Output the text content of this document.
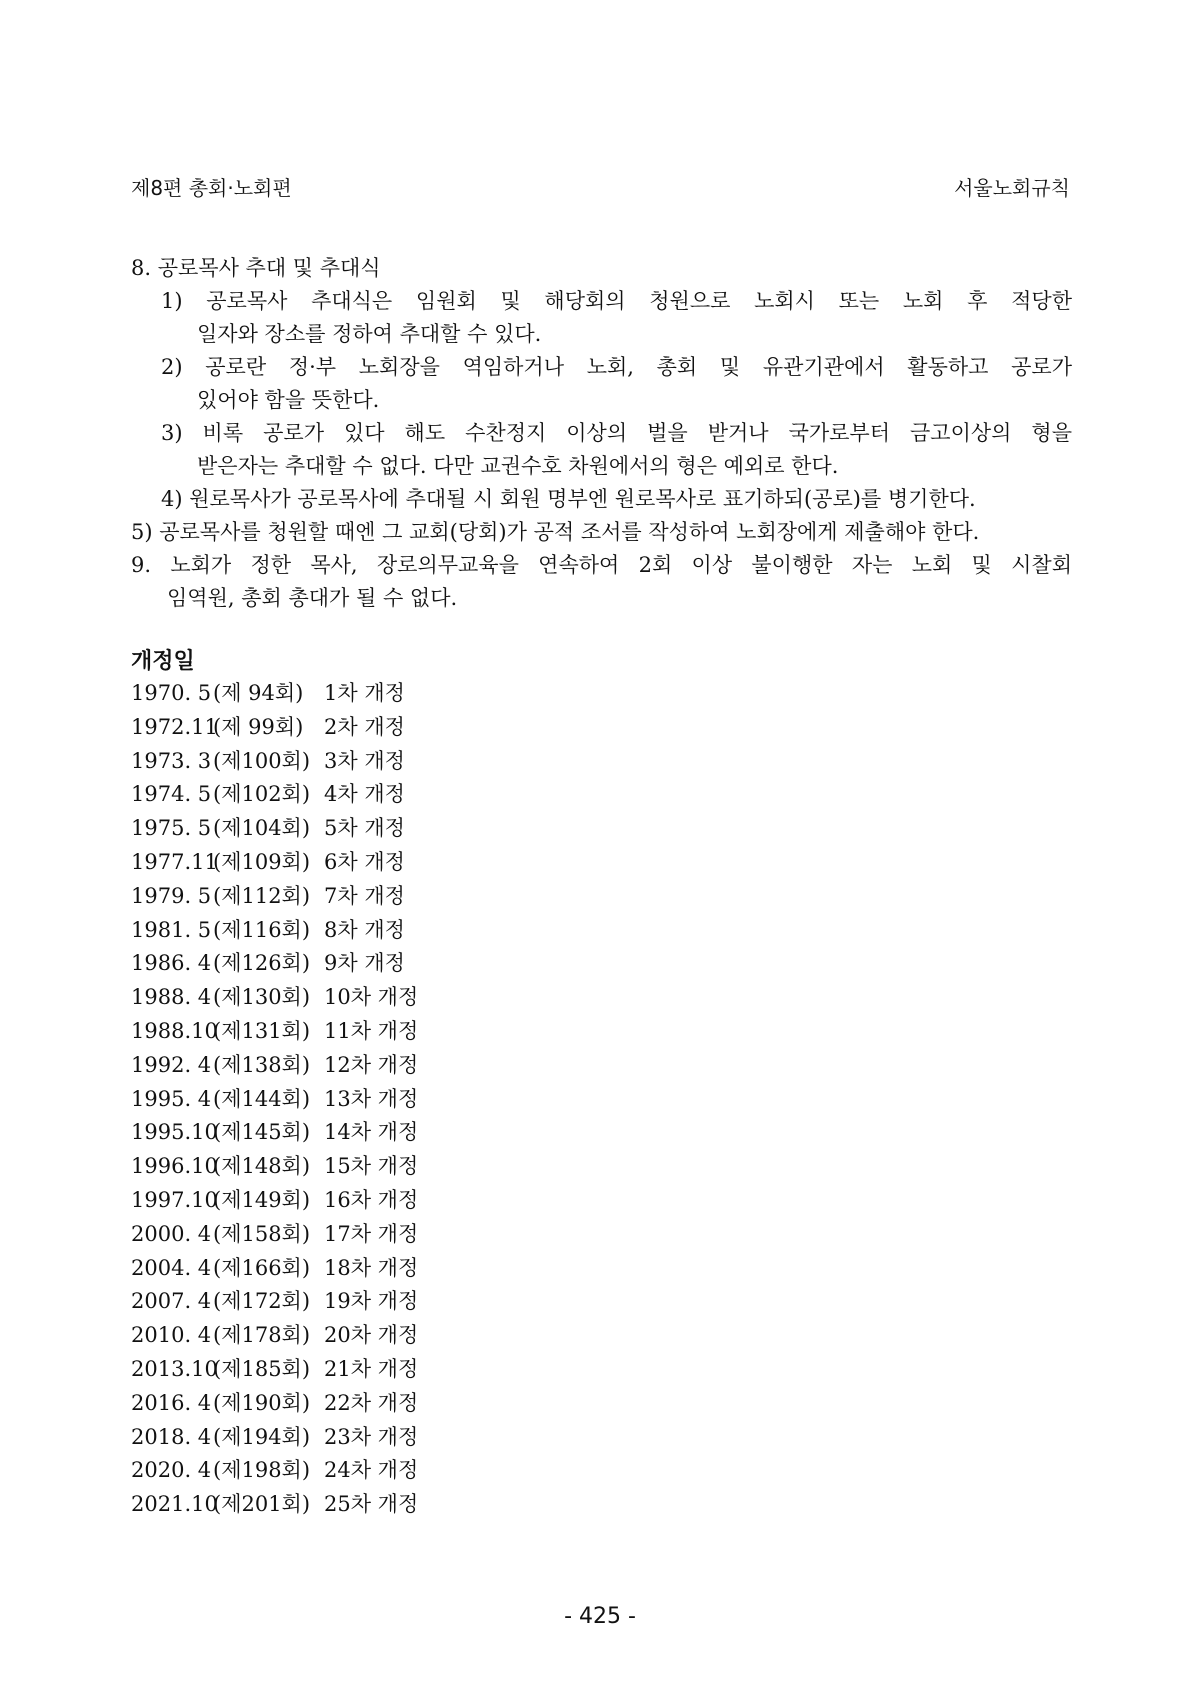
제8편 총회·노회편	서울노회규칙
8. 공로목사 추대 및 추대식
1) 공로목사 추대식은 임원회 및 해당회의 청원으로 노회시 또는 노회 후 적당한
일자와 장소를 정하여 추대할 수 있다.
2) 공로란 정·부 노회장을 역임하거나 노회, 총회 및 유관기관에서 활동하고 공로가
있어야 함을 뜻한다.
3) 비록 공로가 있다 해도 수찬정지 이상의 벌을 받거나 국가로부터 금고이상의 형을
받은자는 추대할 수 없다. 다만 교권수호 차원에서의 형은 예외로 한다.
4) 원로목사가 공로목사에 추대될 시 회원 명부엔 원로목사로 표기하되(공로)를 병기한다.
5) 공로목사를 청원할 때엔 그 교회(당회)가 공적 조서를 작성하여 노회장에게 제출해야 한다.
9. 노회가 정한 목사, 장로의무교육을 연속하여 2회 이상 불이행한 자는 노회 및 시찰회
임역원, 총회 총대가 될 수 없다.
개정일
1970. 5 (제 94회) 1차 개정
1972.11
(제 99회) 2차 개정
1973. 3 (제100회) 3차 개정
1974. 5 (제102회) 4차 개정
1975. 5 (제104회) 5차 개정
1977.11
(제109회) 6차 개정
1979. 5 (제112회) 7차 개정
1981. 5 (제116회) 8차 개정
1986. 4 (제126회) 9차 개정
1988. 4 (제130회) 10차 개정
1988.10
(제131회) 11차 개정
1992. 4 (제138회) 12차 개정
1995. 4 (제144회) 13차 개정
1995.10
(제145회) 14차 개정
1996.10
(제148회) 15차 개정
1997.10
(제149회) 16차 개정
2000. 4 (제158회) 17차 개정
2004. 4 (제166회) 18차 개정
2007. 4 (제172회) 19차 개정
2010. 4 (제178회) 20차 개정
2013.10
(제185회) 21차 개정
2016. 4 (제190회) 22차 개정
2018. 4 (제194회) 23차 개정
2020. 4 (제198회) 24차 개정
2021.10
(제201회) 25차 개정
- 425 -
